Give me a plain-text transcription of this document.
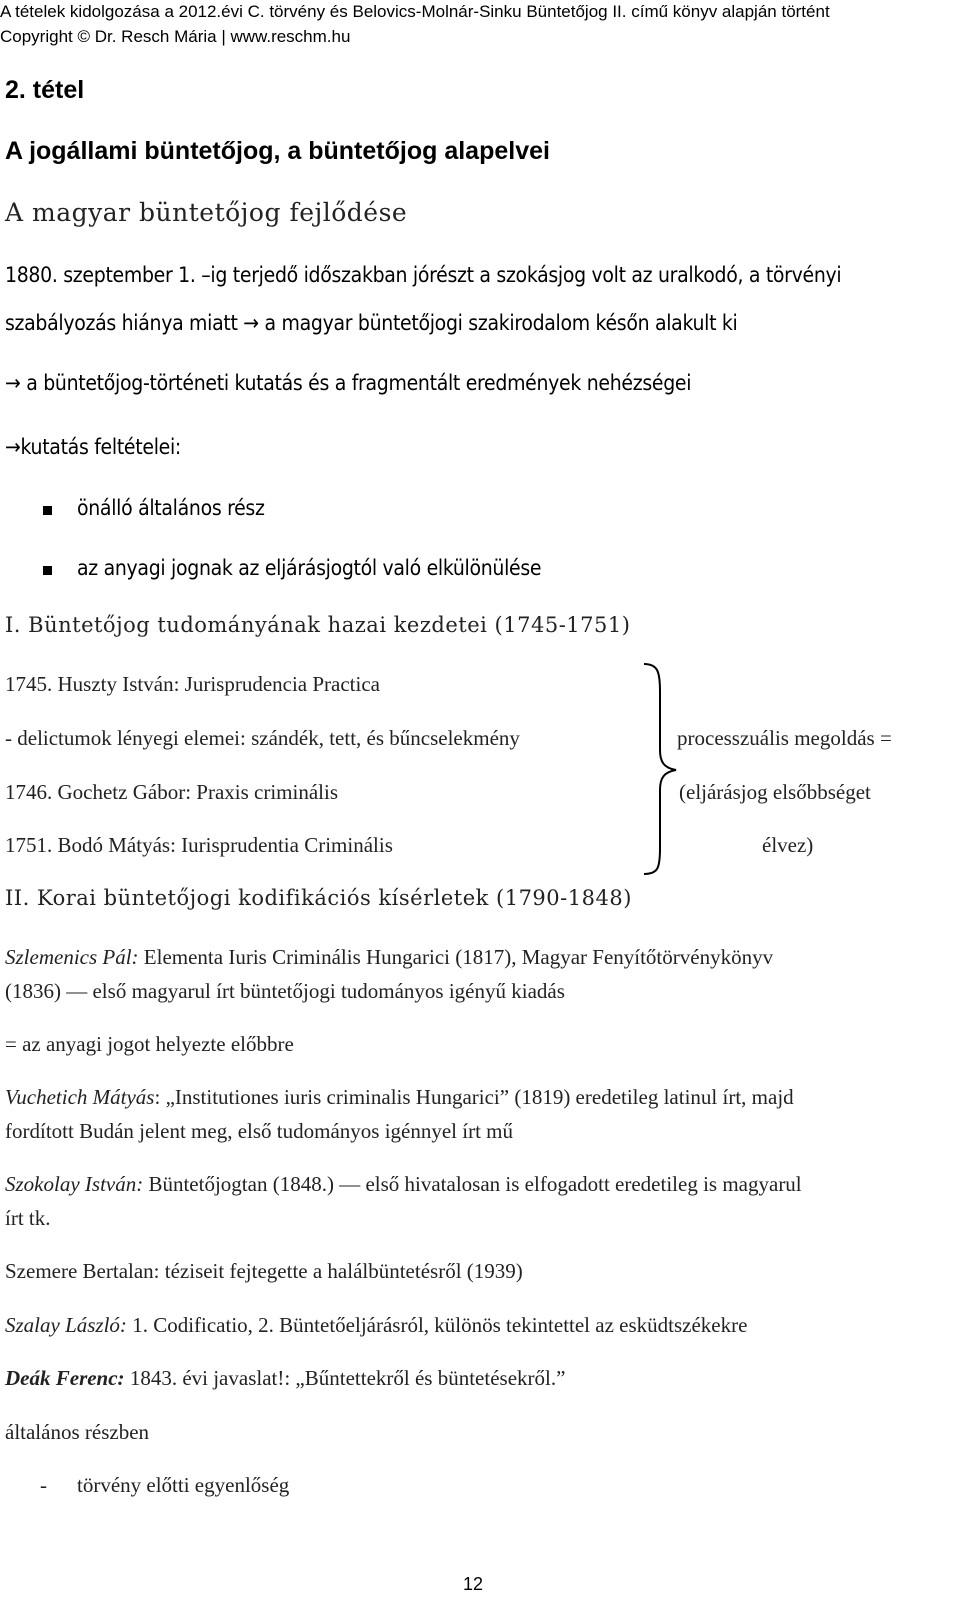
A tételek kidolgozása a 2012.évi C. törvény és Belovics-Molnár-Sinku Büntetőjog II. című könyv alapján történt
Copyright © Dr. Resch Mária | www.reschm.hu
2. tétel
A jogállami büntetőjog, a büntetőjog alapelvei
A magyar büntetőjog fejlődése
1880. szeptember 1. –ig terjedő időszakban jórészt a szokásjog volt az uralkodó, a törvényi
szabályozás hiánya miatt → a magyar büntetőjogi szakirodalom későn alakult ki
→ a büntetőjog-történeti kutatás és a fragmentált eredmények nehézségei
→kutatás feltételei:
önálló általános rész
az anyagi jognak az eljárásjogtól való elkülönülése
I. Büntetőjog tudományának hazai kezdetei (1745-1751)
1745. Huszty István: Jurisprudencia Practica
- delictumok lényegi elemei: szándék, tett, és bűncselekmény
1746. Gochetz Gábor: Praxis criminális
1751. Bodó Mátyás: Iurisprudentia Criminális
processzuális megoldás =
(eljárásjog elsőbbséget
élvez)
II. Korai büntetőjogi kodifikációs kísérletek (1790-1848)
Szlemenics Pál: Elementa Iuris Criminális Hungarici (1817), Magyar Fenyítőtörvénykönyv
(1836) — első magyarul írt büntetőjogi tudományos igényű kiadás
= az anyagi jogot helyezte előbbre
Vuchetich Mátyás: „Institutiones iuris criminalis Hungarici” (1819) eredetileg latinul írt, majd
fordított Budán jelent meg, első tudományos igénnyel írt mű
Szokolay István: Büntetőjogtan (1848.) — első hivatalosan is elfogadott eredetileg is magyarul
írt tk.
Szemere Bertalan: téziseit fejtegette a halálbüntetésről (1939)
Szalay László: 1. Codificatio, 2. Büntetőeljárásról, különös tekintettel az esküdtszékekre
Deák Ferenc: 1843. évi javaslat!: „Bűntettekről és büntetésekről.”
általános részben
- törvény előtti egyenlőség
12
